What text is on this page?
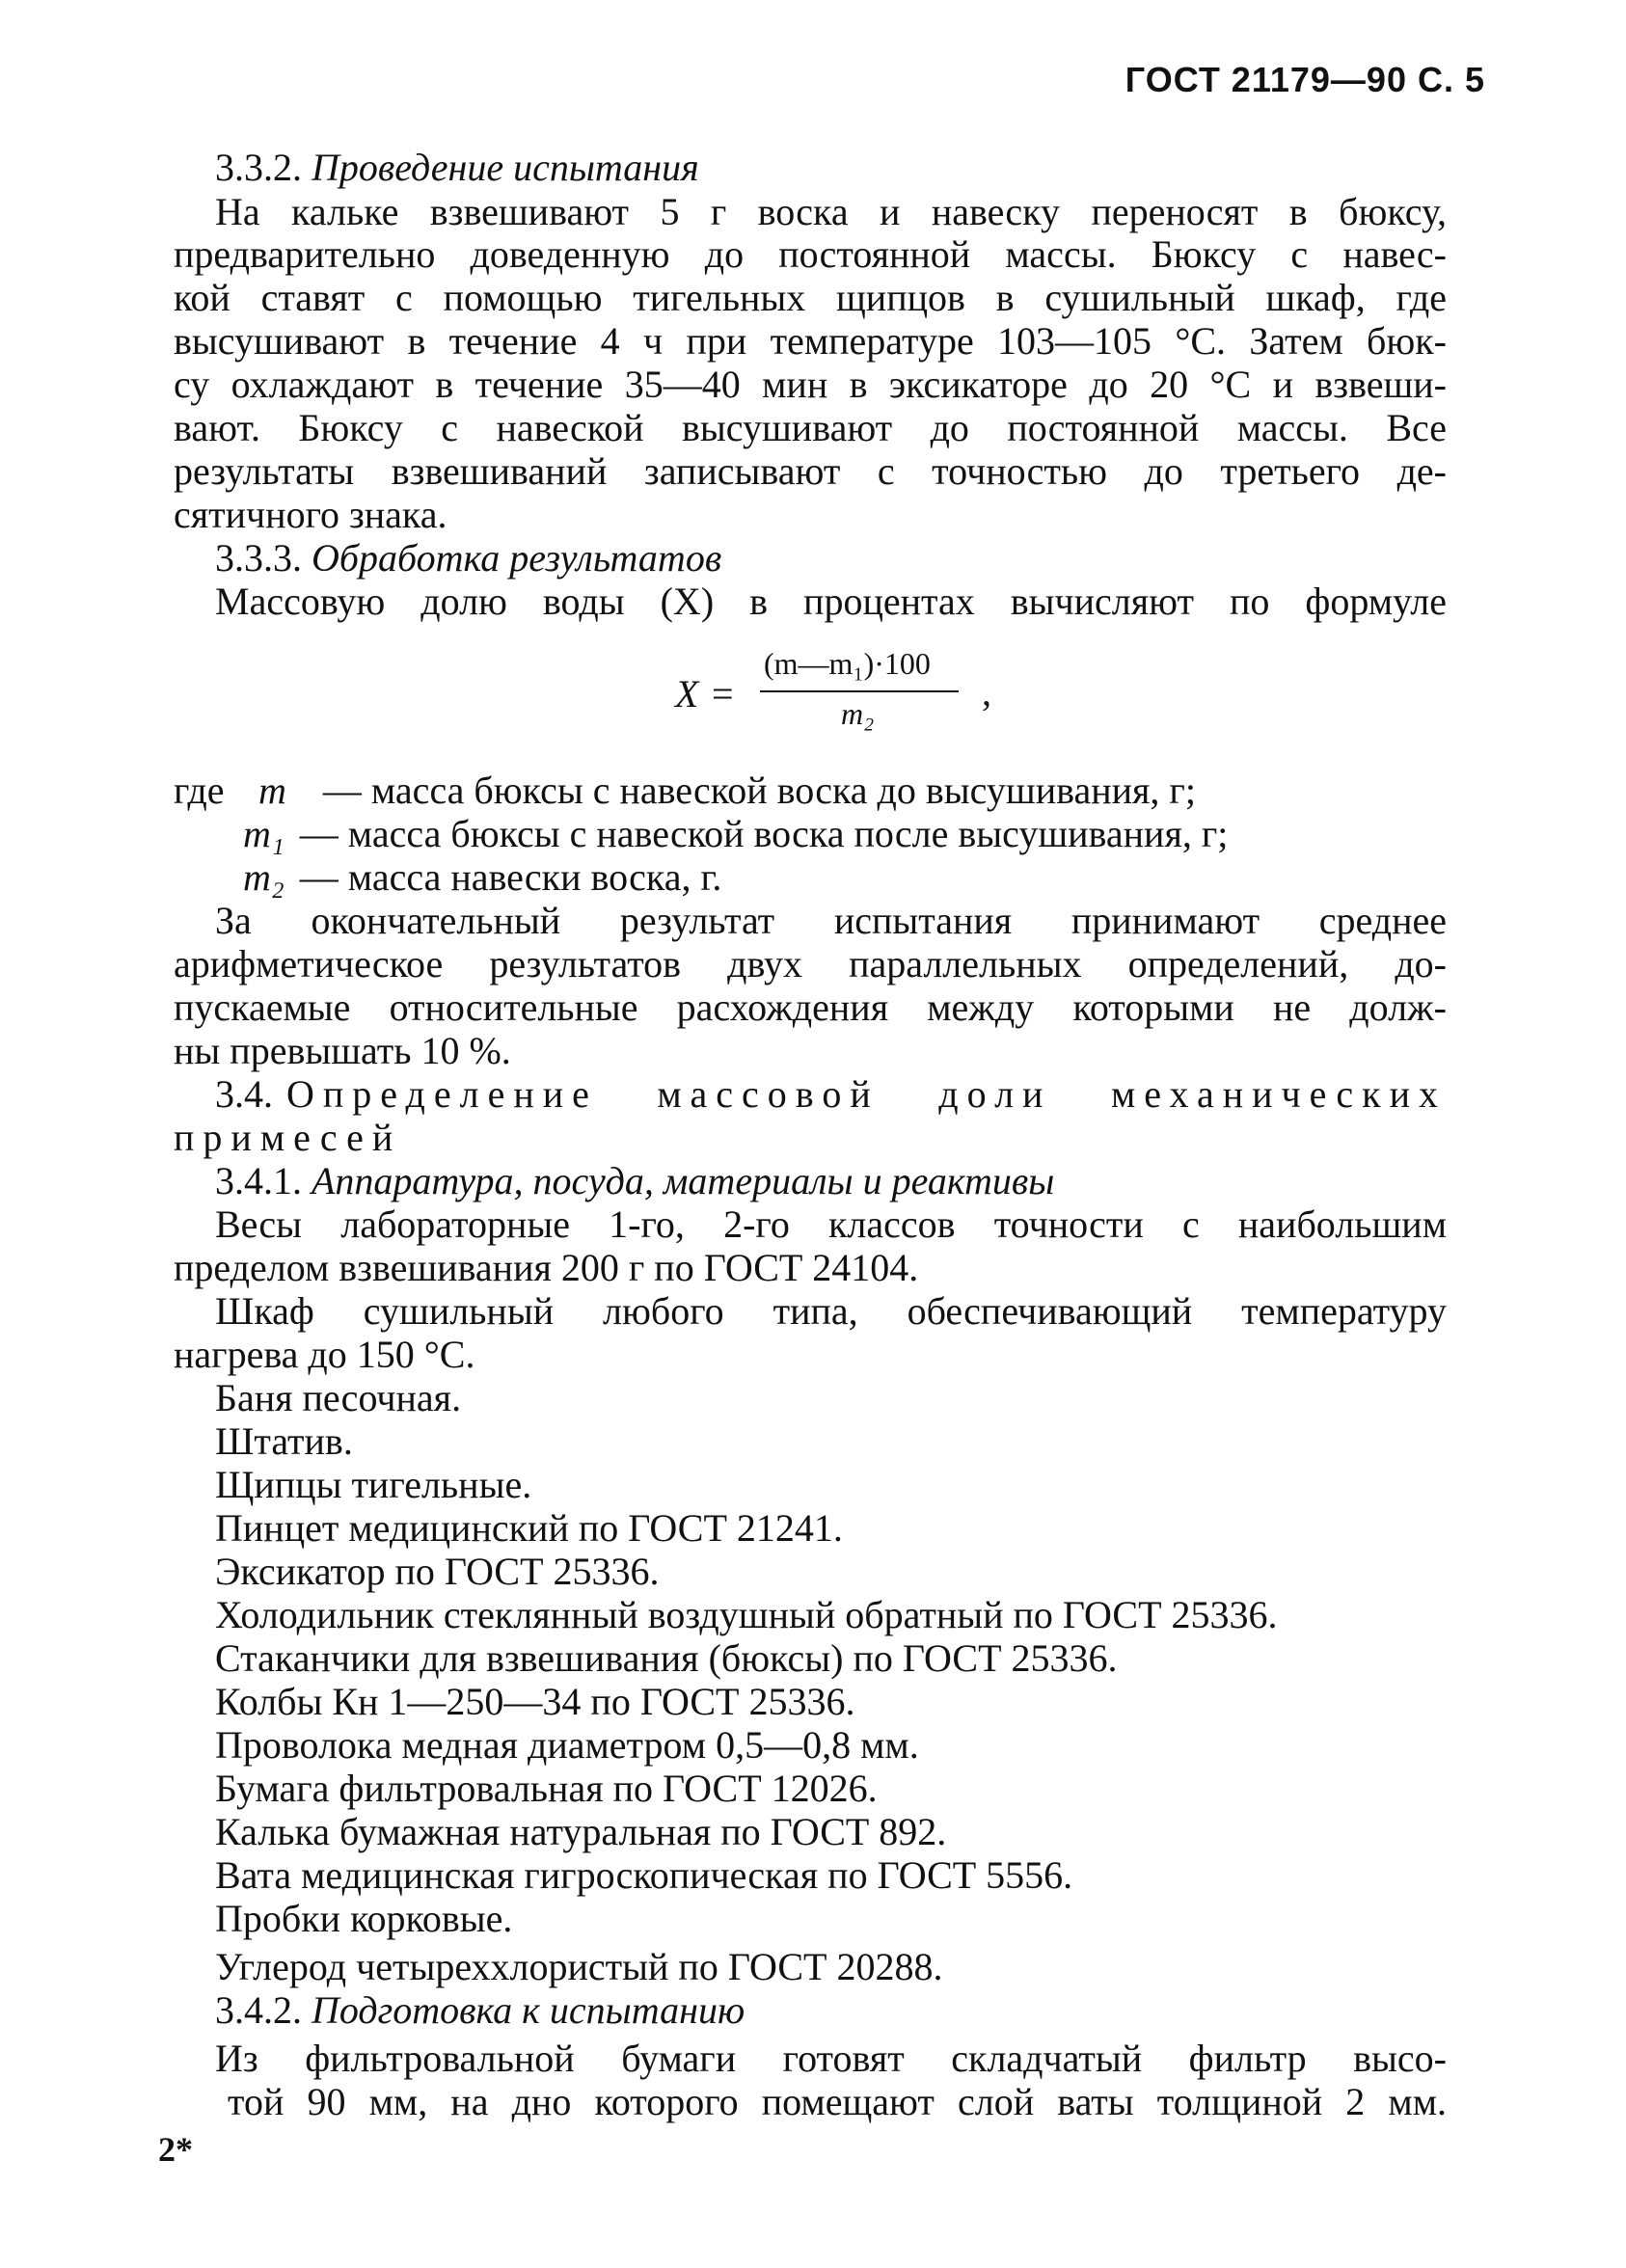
ГОСТ 21179—90 С. 5
3.3.2. Проведение испытания
На кальке взвешивают 5 г воска и навеску переносят в бюксу,
предварительно доведенную до постоянной массы. Бюксу с навес-
кой ставят с помощью тигельных щипцов в сушильный шкаф, где
высушивают в течение 4 ч при температуре 103—105 °С. Затем бюк-
су охлаждают в течение 35—40 мин в эксикаторе до 20 °С и взвеши-
вают. Бюксу с навеской высушивают до постоянной массы. Все
результаты взвешиваний записывают с точностью до третьего де-
сятичного знака.
3.3.3. Обработка результатов
Массовую долю воды (X) в процентах вычисляют по формуле
X =
(m—m₁)·100
m₂	,
где m — масса бюксы с навеской воска до высушивания, г;
m₁ — масса бюксы с навеской воска после высушивания, г;
m₂ — масса навески воска, г.
За окончательный результат испытания принимают среднее
арифметическое результатов двух параллельных определений, до-
пускаемые относительные расхождения между которыми не долж-
ны превышать 10 %.
3.4. Определение массовой доли механических
примесей
3.4.1. Аппаратура, посуда, материалы и реактивы
Весы лабораторные 1-го, 2-го классов точности с наибольшим
пределом взвешивания 200 г по ГОСТ 24104.
Шкаф сушильный любого типа, обеспечивающий температуру
нагрева до 150 °С.
Баня песочная.
Штатив.
Щипцы тигельные.
Пинцет медицинский по ГОСТ 21241.
Эксикатор по ГОСТ 25336.
Холодильник стеклянный воздушный обратный по ГОСТ 25336.
Стаканчики для взвешивания (бюксы) по ГОСТ 25336.
Колбы Кн 1—250—34 по ГОСТ 25336.
Проволока медная диаметром 0,5—0,8 мм.
Бумага фильтровальная по ГОСТ 12026.
Калька бумажная натуральная по ГОСТ 892.
Вата медицинская гигроскопическая по ГОСТ 5556.
Пробки корковые.
Углерод четыреххлористый по ГОСТ 20288.
3.4.2. Подготовка к испытанию
Из фильтровальной бумаги готовят складчатый фильтр высо-
той 90 мм, на дно которого помещают слой ваты толщиной 2 мм.
2*
